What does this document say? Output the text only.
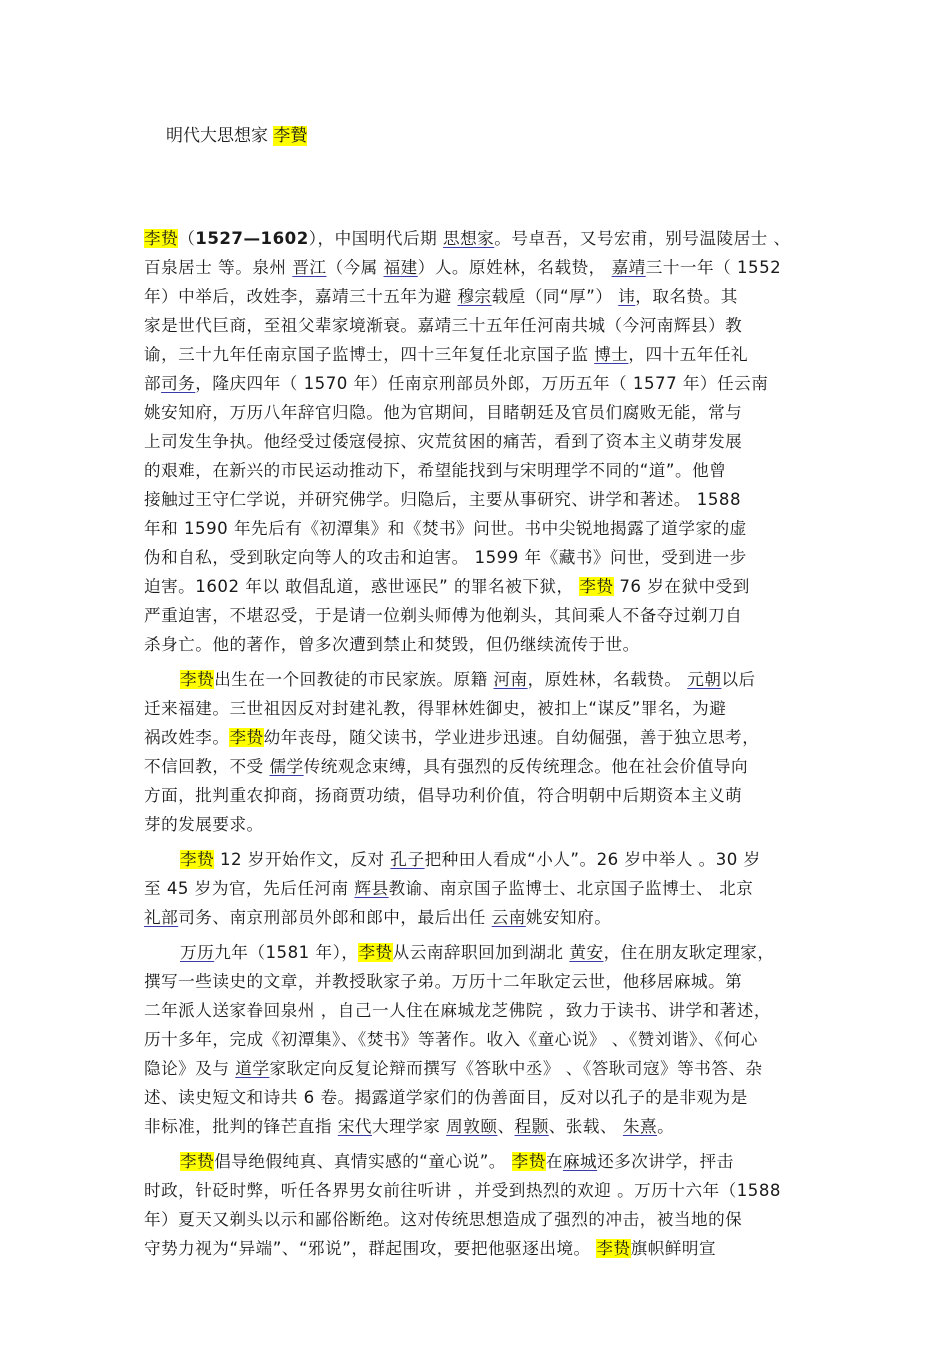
明代大思想家 李贄

李贽（1527—1602），中国明代后期 思想家。号卓吾，又号宏甫，别号温陵居士 、
百泉居士 等。泉州 晋江（今属 福建）人。原姓林，名载贽， 嘉靖三十一年（ 1552
年）中举后，改姓李，嘉靖三十五年为避 穆宗载垕（同“厚”） 讳，取名贽。其
家是世代巨商，至祖父辈家境渐衰。嘉靖三十五年任河南共城（今河南辉县）教
谕，三十九年任南京国子监博士，四十三年复任北京国子监 博士，四十五年任礼
部司务，隆庆四年（ 1570 年）任南京刑部员外郎，万历五年（ 1577 年）任云南
姚安知府，万历八年辞官归隐。他为官期间，目睹朝廷及官员们腐败无能，常与
上司发生争执。他经受过倭寇侵掠、灾荒贫困的痛苦，看到了资本主义萌芽发展
的艰难，在新兴的市民运动推动下，希望能找到与宋明理学不同的“道”。他曾
接触过王守仁学说，并研究佛学。归隐后，主要从事研究、讲学和著述。 1588
年和 1590 年先后有《初潭集》和《焚书》问世。书中尖锐地揭露了道学家的虚
伪和自私，受到耿定向等人的攻击和迫害。 1599 年《藏书》问世，受到进一步
迫害。1602 年以 敢倡乱道，惑世诬民” 的罪名被下狱， 李贽 76 岁在狱中受到
严重迫害，不堪忍受，于是请一位剃头师傅为他剃头，其间乘人不备夺过剃刀自
杀身亡。他的著作，曾多次遭到禁止和焚毁，但仍继续流传于世。

李贽出生在一个回教徒的市民家族。原籍 河南，原姓林，名载贽。 元朝以后
迁来福建。三世祖因反对封建礼教，得罪林姓御史，被扣上“谋反”罪名，为避
祸改姓李。李贽幼年丧母，随父读书，学业进步迅速。自幼倔强，善于独立思考，
不信回教，不受 儒学传统观念束缚，具有强烈的反传统理念。他在社会价值导向
方面，批判重农抑商，扬商贾功绩，倡导功利价值，符合明朝中后期资本主义萌
芽的发展要求。

李贽 12 岁开始作文，反对 孔子把种田人看成“小人”。26 岁中举人 。30 岁
至 45 岁为官，先后任河南 辉县教谕、南京国子监博士、北京国子监博士、 北京
礼部司务、南京刑部员外郎和郎中，最后出任 云南姚安知府。

万历九年（1581 年），李贽从云南辞职回加到湖北 黄安，住在朋友耿定理家，
撰写一些读史的文章，并教授耿家子弟。万历十二年耿定云世，他移居麻城。第
二年派人送家眷回泉州 ，自己一人住在麻城龙芝佛院 ，致力于读书、讲学和著述，
历十多年，完成《初潭集》、《焚书》等著作。收入《童心说》 、《赞刘谐》、《何心
隐论》及与 道学家耿定向反复论辩而撰写《答耿中丞》 、《答耿司寇》等书答、杂
述、读史短文和诗共 6 卷。揭露道学家们的伪善面目，反对以孔子的是非观为是
非标准，批判的锋芒直指 宋代大理学家 周敦颐、程颢、张载、 朱熹。

李贽倡导绝假纯真、真情实感的“童心说”。 李贽在麻城还多次讲学，抨击
时政，针砭时弊，听任各界男女前往听讲 ，并受到热烈的欢迎 。万历十六年（1588
年）夏天又剃头以示和鄙俗断绝。这对传统思想造成了强烈的冲击，被当地的保
守势力视为“异端”、“邪说”，群起围攻，要把他驱逐出境。 李贽旗帜鲜明宣
